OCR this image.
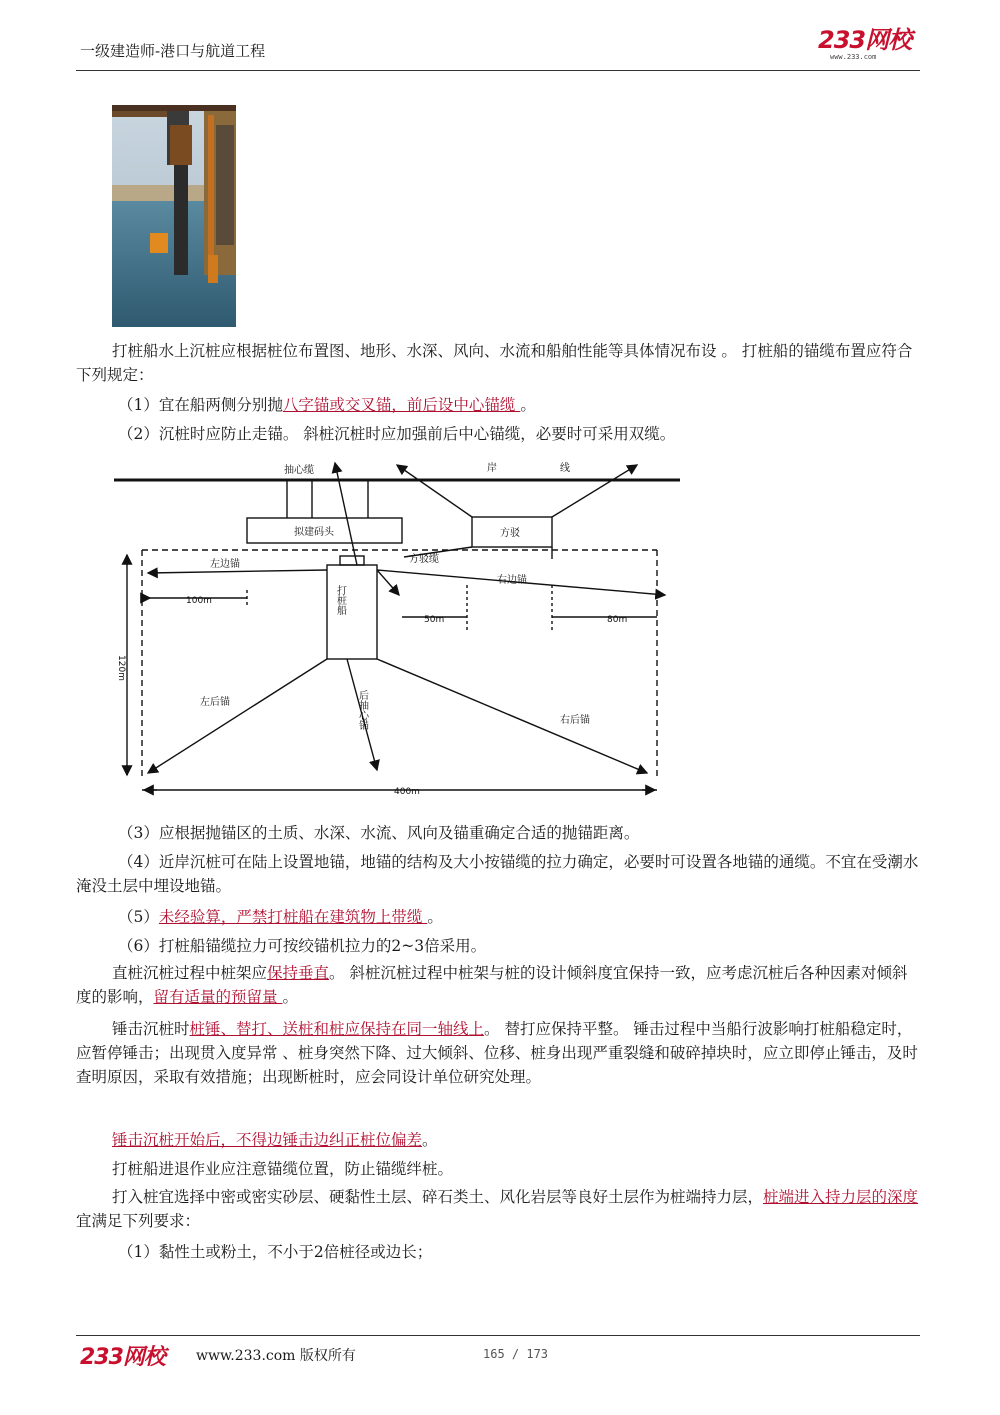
一级建造师-港口与航道工程	233网校
www.233.com
打桩船水上沉桩应根据桩位布置图、地形、水深、风向、水流和船舶性能等具体情况布设 。 打桩船的锚缆布置应符合下列规定：
（1）宜在船两侧分别抛八字锚或交叉锚，前后设中心锚缆 。
（2）沉桩时应防止走锚。 斜桩沉桩时应加强前后中心锚缆，必要时可采用双缆。
岸	线
抽心缆
拟建码头	方驳
方驳缆
左边锚
右边锚
打桩船
100m
50m	80m
120m
400m
左后锚	后抽心锚	右后锚
（3）应根据抛锚区的土质、水深、水流、风向及锚重确定合适的抛锚距离。
（4）近岸沉桩可在陆上设置地锚，地锚的结构及大小按锚缆的拉力确定，必要时可设置各地锚的通缆。不宜在受潮水淹没土层中埋设地锚。
（5）未经验算，严禁打桩船在建筑物上带缆 。
（6）打桩船锚缆拉力可按绞锚机拉力的2~3倍采用。
直桩沉桩过程中桩架应保持垂直。 斜桩沉桩过程中桩架与桩的设计倾斜度宜保持一致，应考虑沉桩后各种因素对倾斜度的影响，留有适量的预留量 。
锤击沉桩时桩锤、替打、送桩和桩应保持在同一轴线上。 替打应保持平整。 锤击过程中当船行波影响打桩船稳定时，应暂停锤击；出现贯入度异常 、桩身突然下降、过大倾斜、位移、桩身出现严重裂缝和破碎掉块时，应立即停止锤击，及时查明原因，采取有效措施；出现断桩时，应会同设计单位研究处理。
锤击沉桩开始后，不得边锤击边纠正桩位偏差。
打桩船进退作业应注意锚缆位置，防止锚缆绊桩。
打入桩宜选择中密或密实砂层、硬黏性土层、碎石类土、风化岩层等良好土层作为桩端持力层，桩端进入持力层的深度宜满足下列要求：
（1）黏性土或粉土，不小于2倍桩径或边长；
233网校 www.233.com 版权所有	165 / 173
